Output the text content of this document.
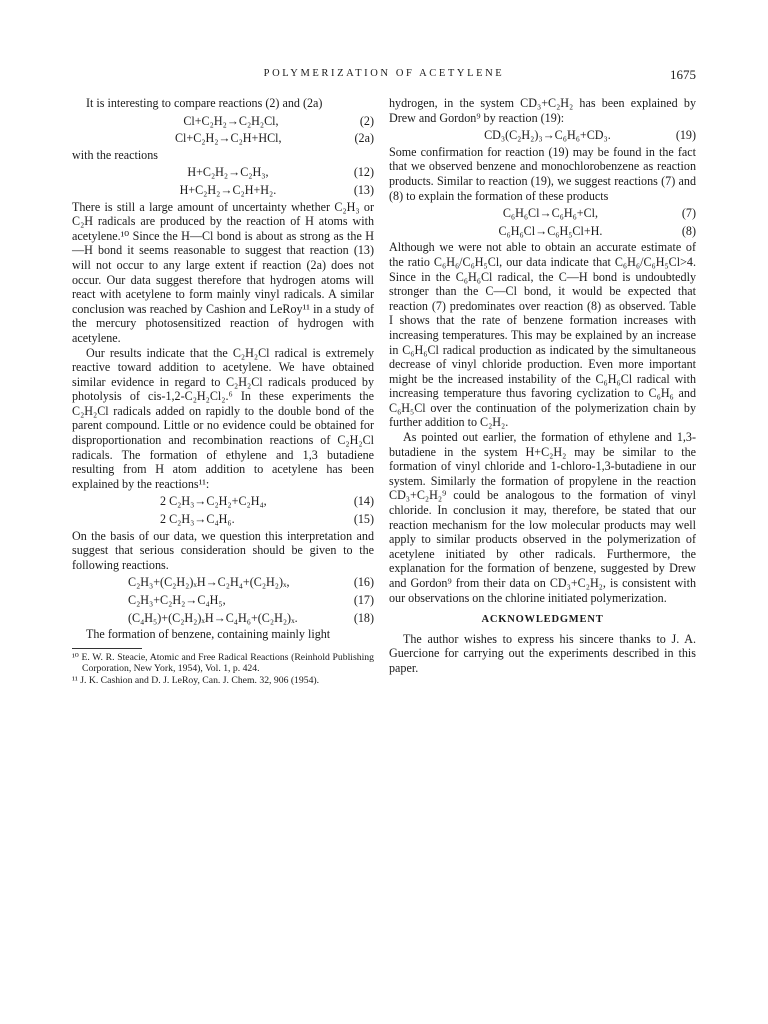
POLYMERIZATION OF ACETYLENE	1675

It is interesting to compare reactions (2) and (2a)

Cl+C₂H₂→C₂H₂Cl,	(2)
Cl+C₂H₂→C₂H+HCl,	(2a)

with the reactions

H+C₂H₂→C₂H₃,	(12)
H+C₂H₂→C₂H+H₂.	(13)

There is still a large amount of uncertainty whether C₂H₃ or C₂H radicals are produced by the reaction of H atoms with acetylene.¹⁰ Since the H—Cl bond is about as strong as the H—H bond it seems reasonable to suggest that reaction (13) will not occur to any large extent if reaction (2a) does not occur. Our data suggest therefore that hydrogen atoms will react with acetylene to form mainly vinyl radicals. A similar conclusion was reached by Cashion and LeRoy¹¹ in a study of the mercury photosensitized reaction of hydrogen with acetylene.

Our results indicate that the C₂H₂Cl radical is extremely reactive toward addition to acetylene. We have obtained similar evidence in regard to C₂H₂Cl radicals produced by photolysis of cis-1,2-C₂H₂Cl₂.⁶ In these experiments the C₂H₂Cl radicals added on rapidly to the double bond of the parent compound. Little or no evidence could be obtained for disproportionation and recombination reactions of C₂H₂Cl radicals. The formation of ethylene and 1,3 butadiene resulting from H atom addition to acetylene has been explained by the reactions¹¹:

2 C₂H₃→C₂H₂+C₂H₄,	(14)
2 C₂H₃→C₄H₆.	(15)

On the basis of our data, we question this interpretation and suggest that serious consideration should be given to the following reactions.

C₂H₃+(C₂H₂)ₓH→C₂H₄+(C₂H₂)ₓ,	(16)
C₂H₃+C₂H₂→C₄H₅,	(17)
(C₄H₅)+(C₂H₂)ₓH→C₄H₆+(C₂H₂)ₓ.	(18)

The formation of benzene, containing mainly light

¹⁰ E. W. R. Steacie, Atomic and Free Radical Reactions (Reinhold Publishing Corporation, New York, 1954), Vol. 1, p. 424.

¹¹ J. K. Cashion and D. J. LeRoy, Can. J. Chem. 32, 906 (1954).

hydrogen, in the system CD₃+C₂H₂ has been explained by Drew and Gordon⁹ by reaction (19):

CD₃(C₂H₂)₃→C₆H₆+CD₃.	(19)

Some confirmation for reaction (19) may be found in the fact that we observed benzene and monochlorobenzene as reaction products. Similar to reaction (19), we suggest reactions (7) and (8) to explain the formation of these products

C₆H₆Cl→C₆H₆+Cl,	(7)
C₆H₆Cl→C₆H₅Cl+H.	(8)

Although we were not able to obtain an accurate estimate of the ratio C₆H₆/C₆H₅Cl, our data indicate that C₆H₆/C₆H₅Cl>4. Since in the C₆H₆Cl radical, the C—H bond is undoubtedly stronger than the C—Cl bond, it would be expected that reaction (7) predominates over reaction (8) as observed. Table I shows that the rate of benzene formation increases with increasing temperatures. This may be explained by an increase in C₆H₆Cl radical production as indicated by the simultaneous decrease of vinyl chloride production. Even more important might be the increased instability of the C₆H₆Cl radical with increasing temperature thus favoring cyclization to C₆H₆ and C₆H₅Cl over the continuation of the polymerization chain by further addition to C₂H₂.

As pointed out earlier, the formation of ethylene and 1,3-butadiene in the system H+C₂H₂ may be similar to the formation of vinyl chloride and 1-chloro-1,3-butadiene in our system. Similarly the formation of propylene in the reaction CD₃+C₂H₂⁹ could be analogous to the formation of vinyl chloride. In conclusion it may, therefore, be stated that our reaction mechanism for the low molecular products may well apply to similar products observed in the polymerization of acetylene initiated by other radicals. Furthermore, the explanation for the formation of benzene, suggested by Drew and Gordon⁹ from their data on CD₃+C₂H₂, is consistent with our observations on the chlorine initiated polymerization.

ACKNOWLEDGMENT

The author wishes to express his sincere thanks to J. A. Guercione for carrying out the experiments described in this paper.
